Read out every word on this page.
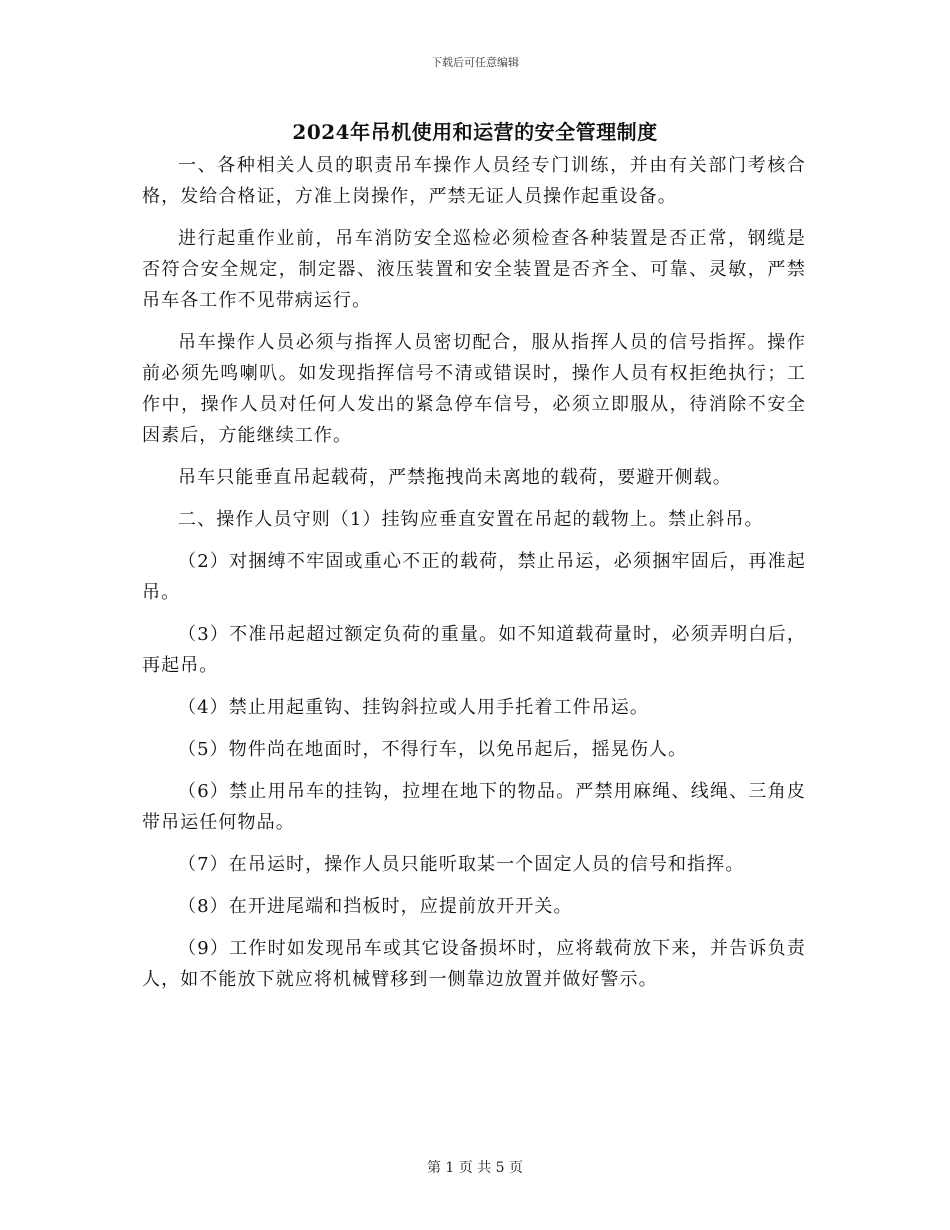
下载后可任意编辑
2024年吊机使用和运营的安全管理制度

一、各种相关人员的职责吊车操作人员经专门训练，并由有关部门考核合格，发给合格证，方准上岗操作，严禁无证人员操作起重设备。

进行起重作业前，吊车消防安全巡检必须检查各种装置是否正常，钢缆是否符合安全规定，制定器、液压装置和安全装置是否齐全、可靠、灵敏，严禁吊车各工作不见带病运行。

吊车操作人员必须与指挥人员密切配合，服从指挥人员的信号指挥。操作前必须先鸣喇叭。如发现指挥信号不清或错误时，操作人员有权拒绝执行；工作中，操作人员对任何人发出的紧急停车信号，必须立即服从，待消除不安全因素后，方能继续工作。

吊车只能垂直吊起载荷，严禁拖拽尚未离地的载荷，要避开侧载。

二、操作人员守则（1）挂钩应垂直安置在吊起的载物上。禁止斜吊。

（2）对捆缚不牢固或重心不正的载荷，禁止吊运，必须捆牢固后，再准起吊。

（3）不准吊起超过额定负荷的重量。如不知道载荷量时，必须弄明白后，再起吊。

（4）禁止用起重钩、挂钩斜拉或人用手托着工件吊运。

（5）物件尚在地面时，不得行车，以免吊起后，摇晃伤人。

（6）禁止用吊车的挂钩，拉埋在地下的物品。严禁用麻绳、线绳、三角皮带吊运任何物品。

（7）在吊运时，操作人员只能听取某一个固定人员的信号和指挥。

（8）在开进尾端和挡板时，应提前放开开关。

（9）工作时如发现吊车或其它设备损坏时，应将载荷放下来，并告诉负责人，如不能放下就应将机械臂移到一侧靠边放置并做好警示。

第 1 页 共 5 页
